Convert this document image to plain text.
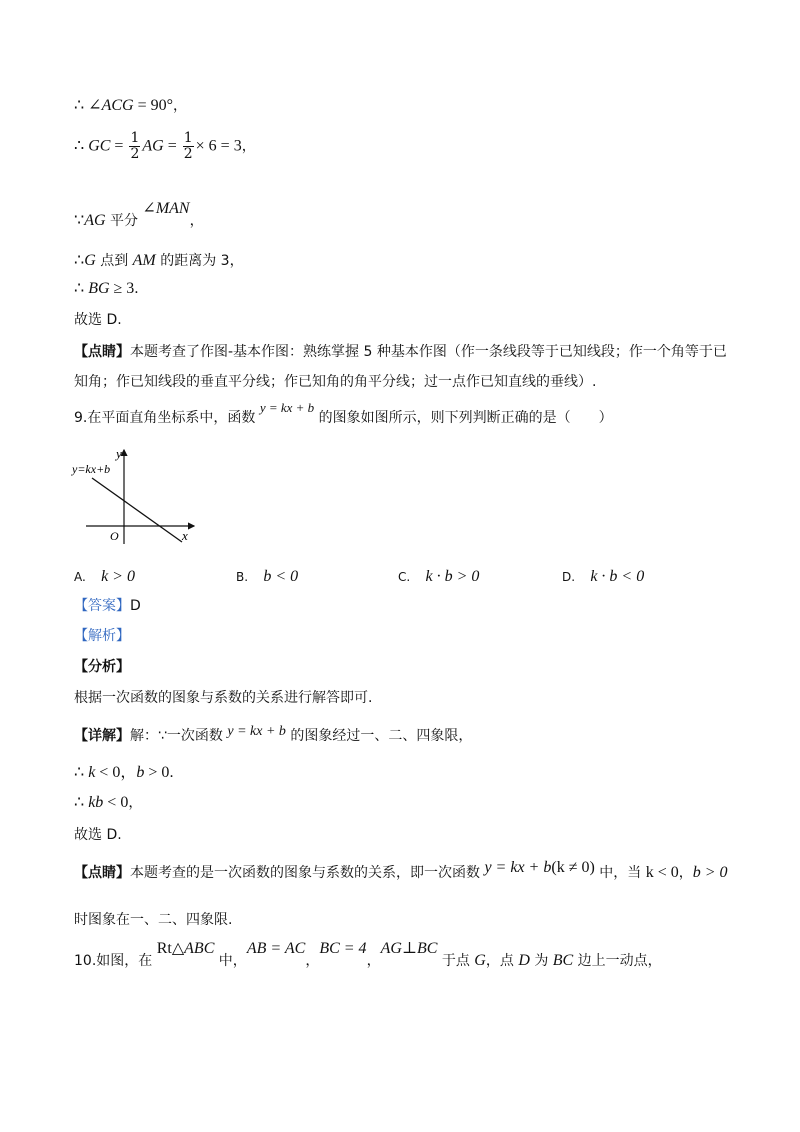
∴ ∠ACG = 90°，
∴ GC = $\frac{1}{2}$ AG = $\frac{1}{2} \times 6 = 3$，
∵AG 平分 ∠MAN，
∴G 点到 AM 的距离为 3，
∴ BG ≥ 3．
故选 D.
【点睛】本题考查了作图-基本作图：熟练掌握 5 种基本作图（作一条线段等于已知线段；作一个角等于已
知角；作已知线段的垂直平分线；作已知角的角平分线；过一点作已知直线的垂线）.
9.在平面直角坐标系中，函数 y = kx + b 的图象如图所示，则下列判断正确的是（　　）
y
x
O
y=kx+b
A. k > 0	B. b < 0	C. k · b > 0	D. k · b < 0
【答案】D
【解析】
【分析】
根据一次函数的图象与系数的关系进行解答即可.
【详解】解：∵一次函数 y = kx + b 的图象经过一、二、四象限，
∴ k < 0，b > 0．
∴ kb < 0，
故选 D.
【点睛】本题考查的是一次函数的图象与系数的关系，即一次函数 y = kx + b(k ≠ 0) 中，当 k < 0，b > 0
时图象在一、二、四象限.
10.如图，在 Rt△ABC 中，AB = AC，BC = 4，AG⊥BC 于点 G，点 D 为 BC 边上一动点，
